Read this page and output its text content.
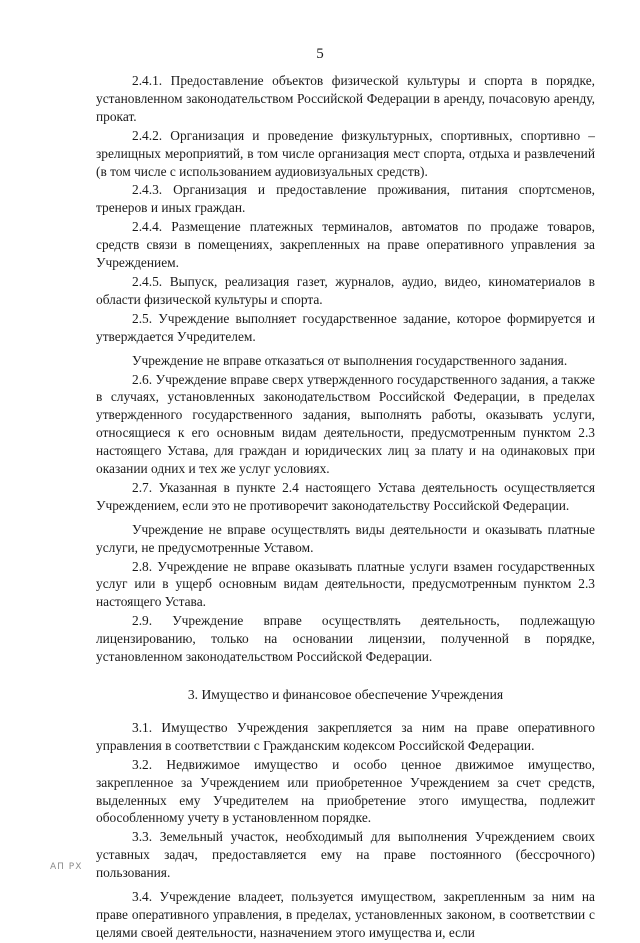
5

2.4.1. Предоставление объектов физической культуры и спорта в порядке, установленном законодательством Российской Федерации в аренду, почасовую аренду, прокат.

2.4.2. Организация и проведение физкультурных, спортивных, спортивно – зрелищных мероприятий, в том числе организация мест спорта, отдыха и развлечений (в том числе с использованием аудиовизуальных средств).

2.4.3. Организация и предоставление проживания, питания спортсменов, тренеров и иных граждан.

2.4.4. Размещение платежных терминалов, автоматов по продаже товаров, средств связи в помещениях, закрепленных на праве оперативного управления за Учреждением.

2.4.5. Выпуск, реализация газет, журналов, аудио, видео, киноматериалов в области физической культуры и спорта.

2.5. Учреждение выполняет государственное задание, которое формируется и утверждается Учредителем.

Учреждение не вправе отказаться от выполнения государственного задания.

2.6. Учреждение вправе сверх утвержденного государственного задания, а также в случаях, установленных законодательством Российской Федерации, в пределах утвержденного государственного задания, выполнять работы, оказывать услуги, относящиеся к его основным видам деятельности, предусмотренным пунктом 2.3 настоящего Устава, для граждан и юридических лиц за плату и на одинаковых при оказании одних и тех же услуг условиях.

2.7. Указанная в пункте 2.4 настоящего Устава деятельность осуществляется Учреждением, если это не противоречит законодательству Российской Федерации.

Учреждение не вправе осуществлять виды деятельности и оказывать платные услуги, не предусмотренные Уставом.

2.8. Учреждение не вправе оказывать платные услуги взамен государственных услуг или в ущерб основным видам деятельности, предусмотренным пунктом 2.3 настоящего Устава.

2.9. Учреждение вправе осуществлять деятельность, подлежащую лицензированию, только на основании лицензии, полученной в порядке, установленном законодательством Российской Федерации.

3. Имущество и финансовое обеспечение Учреждения

3.1. Имущество Учреждения закрепляется за ним на праве оперативного управления в соответствии с Гражданским кодексом Российской Федерации.

3.2. Недвижимое имущество и особо ценное движимое имущество, закрепленное за Учреждением или приобретенное Учреждением за счет средств, выделенных ему Учредителем на приобретение этого имущества, подлежит обособленному учету в установленном порядке.

3.3. Земельный участок, необходимый для выполнения Учреждением своих уставных задач, предоставляется ему на праве постоянного (бессрочного) пользования.

3.4. Учреждение владеет, пользуется имуществом, закрепленным за ним на праве оперативного управления, в пределах, установленных законом, в соответствии с целями своей деятельности, назначением этого имущества и, если

АП РХ
